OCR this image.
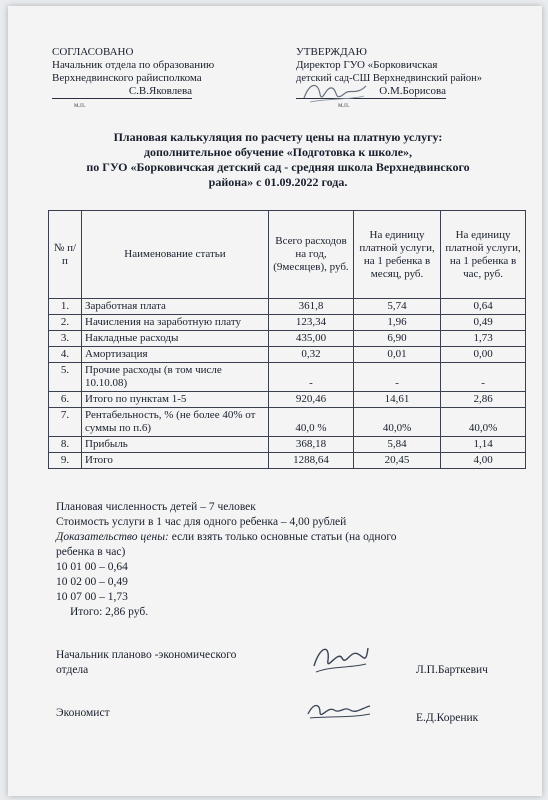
СОГЛАСОВАНО
Начальник отдела по образованию
Верхнедвинского райисполкома
С.В.Яковлева
м.п.
УТВЕРЖДАЮ
Директор ГУО «Борковичская
детский сад-СШ Верхнедвинский район»
О.М.Борисова
м.п.
Плановая калькуляция по расчету цены на платную услугу:
дополнительное обучение «Подготовка к школе»,
по ГУО «Борковичская детский сад - средняя школа Верхнедвинского
района» с 01.09.2022 года.
№ п/п	Наименование статьи	Всего расходов на год, (9месяцев), руб.	На единицу платной услуги, на 1 ребенка в месяц, руб.	На единицу платной услуги, на 1 ребенка в час, руб.
1.	Заработная плата	361,8	5,74	0,64
2.	Начисления на заработную плату	123,34	1,96	0,49
3.	Накладные расходы	435,00	6,90	1,73
4.	Амортизация	0,32	0,01	0,00
5.	Прочие расходы (в том числе 10.10.08)	-	-	-
6.	Итого по пунктам 1-5	920,46	14,61	2,86
7.	Рентабельность, % (не более 40% от суммы по п.6)	40,0 %	40,0%	40,0%
8.	Прибыль	368,18	5,84	1,14
9.	Итого	1288,64	20,45	4,00
Плановая численность детей – 7 человек
Стоимость услуги в 1 час для одного ребенка – 4,00 рублей
Доказательство цены: если взять только основные статьи (на одного
ребенка в час)
10 01 00 – 0,64
10 02 00 – 0,49
10 07 00 – 1,73
Итого: 2,86 руб.
Начальник планово -экономического
отдела	Л.П.Барткевич
Экономист	Е.Д.Кореник
